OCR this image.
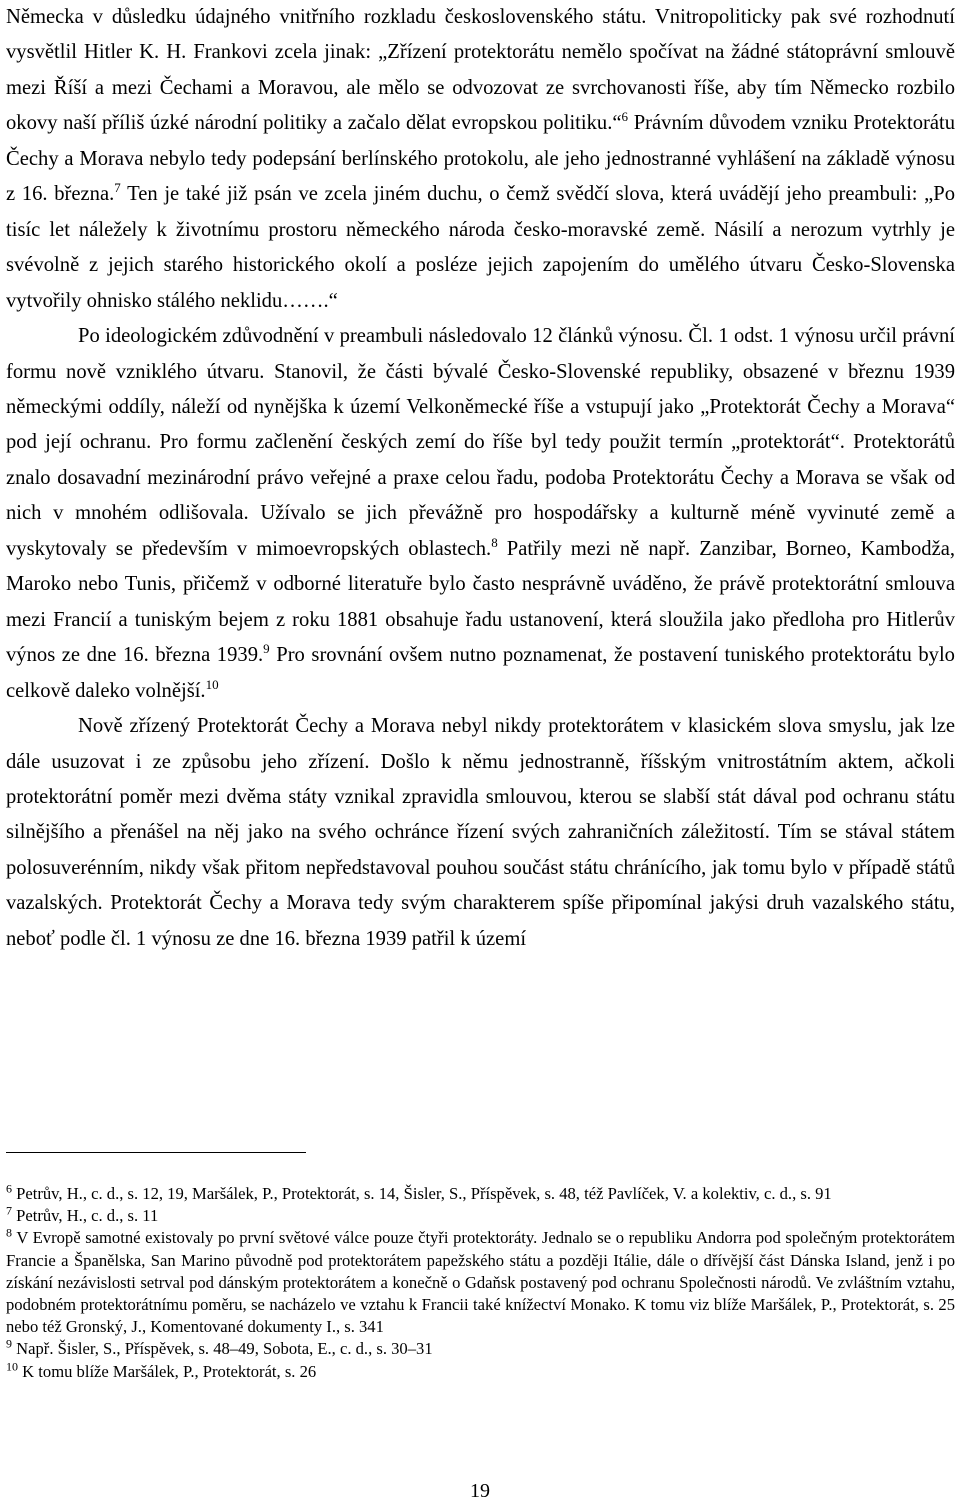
Německa v důsledku údajného vnitřního rozkladu československého státu. Vnitropoliticky pak své rozhodnutí vysvětlil Hitler K. H. Frankovi zcela jinak: „Zřízení protektorátu nemělo spočívat na žádné státoprávní smlouvě mezi Říší a mezi Čechami a Moravou, ale mělo se odvozovat ze svrchovanosti říše, aby tím Německo rozbilo okovy naší příliš úzké národní politiky a začalo dělat evropskou politiku.“$^6$ Právním důvodem vzniku Protektorátu Čechy a Morava nebylo tedy podepsání berlínského protokolu, ale jeho jednostranné vyhlášení na základě výnosu z 16. března.$^7$ Ten je také již psán ve zcela jiném duchu, o čemž svědčí slova, která uvádějí jeho preambuli: „Po tisíc let náležely k životnímu prostoru německého národa česko-moravské země. Násilí a nerozum vytrhly je svévolně z jejich starého historického okolí a posléze jejich zapojením do umělého útvaru Česko-Slovenska vytvořily ohnisko stálého neklidu…….“

Po ideologickém zdůvodnění v preambuli následovalo 12 článků výnosu. Čl. 1 odst. 1 výnosu určil právní formu nově vzniklého útvaru. Stanovil, že části bývalé Česko-Slovenské republiky, obsazené v březnu 1939 německými oddíly, náleží od nynějška k území Velkoněmecké říše a vstupují jako „Protektorát Čechy a Morava“ pod její ochranu. Pro formu začlenění českých zemí do říše byl tedy použit termín „protektorát“. Protektorátů znalo dosavadní mezinárodní právo veřejné a praxe celou řadu, podoba Protektorátu Čechy a Morava se však od nich v mnohém odlišovala. Užívalo se jich převážně pro hospodářsky a kulturně méně vyvinuté země a vyskytovaly se především v mimoevropských oblastech.$^8$ Patřily mezi ně např. Zanzibar, Borneo, Kambodža, Maroko nebo Tunis, přičemž v odborné literatuře bylo často nesprávně uváděno, že právě protektorátní smlouva mezi Francií a tuniským bejem z roku 1881 obsahuje řadu ustanovení, která sloužila jako předloha pro Hitlerův výnos ze dne 16. března 1939.$^9$ Pro srovnání ovšem nutno poznamenat, že postavení tuniského protektorátu bylo celkově daleko volnější.$^{10}$

Nově zřízený Protektorát Čechy a Morava nebyl nikdy protektorátem v klasickém slova smyslu, jak lze dále usuzovat i ze způsobu jeho zřízení. Došlo k němu jednostranně, říšským vnitrostátním aktem, ačkoli protektorátní poměr mezi dvěma státy vznikal zpravidla smlouvou, kterou se slabší stát dával pod ochranu státu silnějšího a přenášel na něj jako na svého ochránce řízení svých zahraničních záležitostí. Tím se stával státem polosuverénním, nikdy však přitom nepředstavoval pouhou součást státu chránícího, jak tomu bylo v případě států vazalských. Protektorát Čechy a Morava tedy svým charakterem spíše připomínal jakýsi druh vazalského státu, neboť podle čl. 1 výnosu ze dne 16. března 1939 patřil k území

$^6$ Petrův, H., c. d., s. 12, 19, Maršálek, P., Protektorát, s. 14, Šisler, S., Příspěvek, s. 48, též Pavlíček, V. a kolektiv, c. d., s. 91

$^7$ Petrův, H., c. d., s. 11

$^8$ V Evropě samotné existovaly po první světové válce pouze čtyři protektoráty. Jednalo se o republiku Andorra pod společným protektorátem Francie a Španělska, San Marino původně pod protektorátem papežského státu a později Itálie, dále o dřívější část Dánska Island, jenž i po získání nezávislosti setrval pod dánským protektorátem a konečně o Gdaňsk postavený pod ochranu Společnosti národů. Ve zvláštním vztahu, podobném protektorátnímu poměru, se nacházelo ve vztahu k Francii také knížectví Monako. K tomu viz blíže Maršálek, P., Protektorát, s. 25 nebo též Gronský, J., Komentované dokumenty I., s. 341

$^9$ Např. Šisler, S., Příspěvek, s. 48–49, Sobota, E., c. d., s. 30–31

$^{10}$ K tomu blíže Maršálek, P., Protektorát, s. 26

19
